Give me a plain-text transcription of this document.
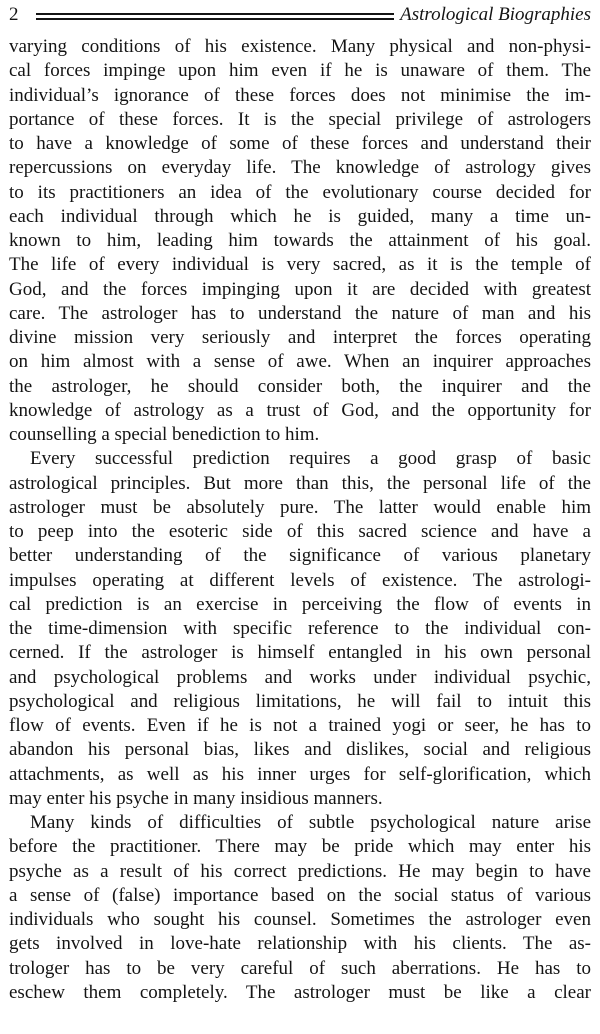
2	Astrological Biographies
varying conditions of his existence. Many physical and non-physi-
cal forces impinge upon him even if he is unaware of them. The
individual’s ignorance of these forces does not minimise the im-
portance of these forces. It is the special privilege of astrologers
to have a knowledge of some of these forces and understand their
repercussions on everyday life. The knowledge of astrology gives
to its practitioners an idea of the evolutionary course decided for
each individual through which he is guided, many a time un-
known to him, leading him towards the attainment of his goal.
The life of every individual is very sacred, as it is the temple of
God, and the forces impinging upon it are decided with greatest
care. The astrologer has to understand the nature of man and his
divine mission very seriously and interpret the forces operating
on him almost with a sense of awe. When an inquirer approaches
the astrologer, he should consider both, the inquirer and the
knowledge of astrology as a trust of God, and the opportunity for
counselling a special benediction to him.
Every successful prediction requires a good grasp of basic
astrological principles. But more than this, the personal life of the
astrologer must be absolutely pure. The latter would enable him
to peep into the esoteric side of this sacred science and have a
better understanding of the significance of various planetary
impulses operating at different levels of existence. The astrologi-
cal prediction is an exercise in perceiving the flow of events in
the time-dimension with specific reference to the individual con-
cerned. If the astrologer is himself entangled in his own personal
and psychological problems and works under individual psychic,
psychological and religious limitations, he will fail to intuit this
flow of events. Even if he is not a trained yogi or seer, he has to
abandon his personal bias, likes and dislikes, social and religious
attachments, as well as his inner urges for self-glorification, which
may enter his psyche in many insidious manners.
Many kinds of difficulties of subtle psychological nature arise
before the practitioner. There may be pride which may enter his
psyche as a result of his correct predictions. He may begin to have
a sense of (false) importance based on the social status of various
individuals who sought his counsel. Sometimes the astrologer even
gets involved in love-hate relationship with his clients. The as-
trologer has to be very careful of such aberrations. He has to
eschew them completely. The astrologer must be like a clear
